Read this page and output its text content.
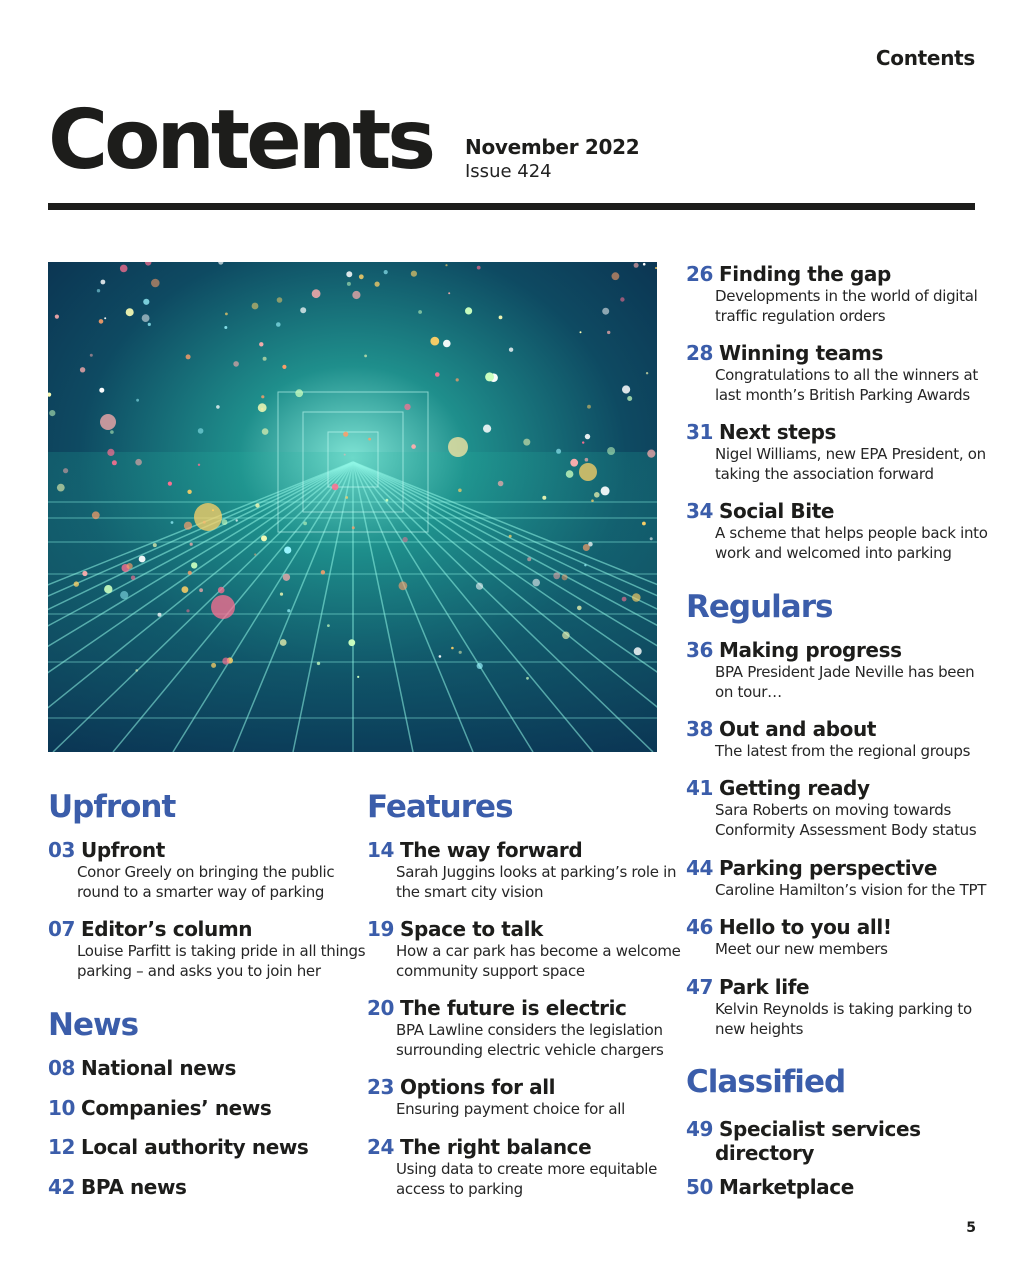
Contents
Contents November 2022
Issue 424
Upfront
03 Upfront
Conor Greely on bringing the public
round to a smarter way of parking
07 Editor’s column
Louise Parfitt is taking pride in all things
parking – and asks you to join her
News
08 National news
10 Companies’ news
12 Local authority news
42 BPA news
Features
14 The way forward
Sarah Juggins looks at parking’s role in
the smart city vision
19 Space to talk
How a car park has become a welcome
community support space
20 The future is electric
BPA Lawline considers the legislation
surrounding electric vehicle chargers
23 Options for all
Ensuring payment choice for all
24 The right balance
Using data to create more equitable
access to parking
26 Finding the gap
Developments in the world of digital
traffic regulation orders
28 Winning teams
Congratulations to all the winners at
last month’s British Parking Awards
31 Next steps
Nigel Williams, new EPA President, on
taking the association forward
34 Social Bite
A scheme that helps people back into
work and welcomed into parking
Regulars
36 Making progress
BPA President Jade Neville has been
on tour…
38 Out and about
The latest from the regional groups
41 Getting ready
Sara Roberts on moving towards
Conformity Assessment Body status
44 Parking perspective
Caroline Hamilton’s vision for the TPT
46 Hello to you all!
Meet our new members
47 Park life
Kelvin Reynolds is taking parking to
new heights
Classified
49 Specialist services
directory
50 Marketplace
5
